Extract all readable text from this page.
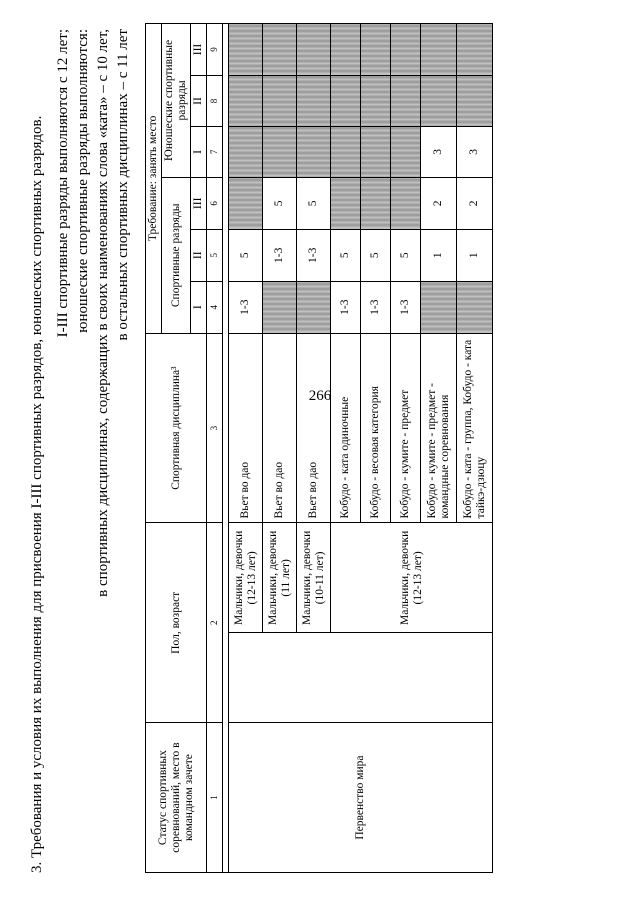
266

3. Требования и условия их выполнения для присвоения I-III спортивных разрядов, юношеских спортивных разрядов. I-III спортивные разряды выполняются с 12 лет; юношеские спортивные разряды выполняются: в спортивных дисциплинах, содержащих в своих наименованиях слова «ката» – с 10 лет, в остальных спортивных дисциплинах – с 11 лет
Статус спортивных соревнований, место в командном зачете	Пол, возраст		Спортивная дисциплина³	Требование: занять место					
				Спортивные разряды			Юношеские спортивные разряды		
				I	II	III	I	II	III
1	2		3	4	5	6	7	8	9

Первенство мира		Мальчики, девочки (12-13 лет)	Вьет во дао	1-3	5				
		Мальчики, девочки (11 лет)	Вьет во дао		1-3	5			
		Мальчики, девочки (10-11 лет)	Вьет во дао		1-3	5			
		Мальчики, девочки (12-13 лет)	Кобудо - ката одиночные	1-3	5				
			Кобудо - весовая категория	1-3	5				
			Кобудо - кумите - предмет	1-3	5				
			Кобудо - кумите - предмет - командные соревнования		1	2	3		
			Кобудо - ката - группа, Кобудо - ката тайкэ-дзюцу		1	2	3		
